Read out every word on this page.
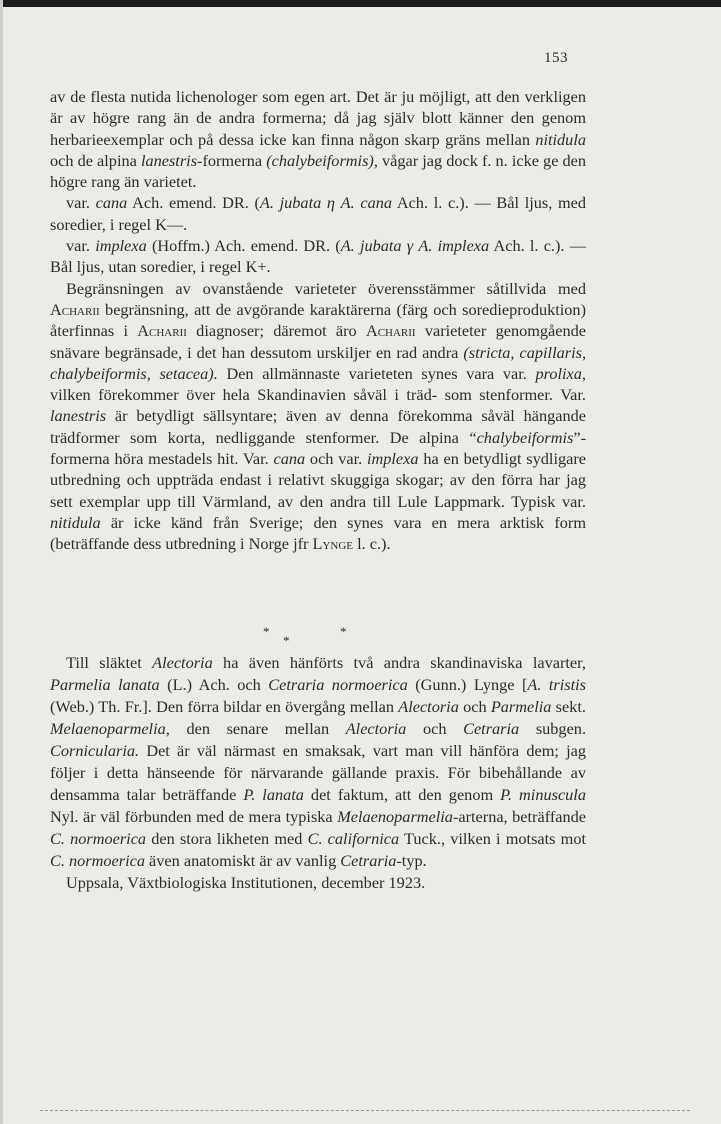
153

av de flesta nutida lichenologer som egen art. Det är ju möjligt, att den verkligen är av högre rang än de andra formerna; då jag själv blott känner den genom herbarieexemplar och på dessa icke kan finna någon skarp gräns mellan nitidula och de alpina lanestris-formerna (chalybeiformis), vågar jag dock f. n. icke ge den högre rang än varietet.

var. cana Ach. emend. DR. (A. jubata η A. cana Ach. l. c.). — Bål ljus, med soredier, i regel K—.

var. implexa (Hoffm.) Ach. emend. DR. (A. jubata γ A. implexa Ach. l. c.). — Bål ljus, utan soredier, i regel K+.

Begränsningen av ovanstående varieteter överensstämmer såtillvida med Acharii begränsning, att de avgörande karaktärerna (färg och soredieproduktion) återfinnas i Acharii diagnoser; däremot äro Acharii varieteter genomgående snävare begränsade, i det han dessutom urskiljer en rad andra (stricta, capillaris, chalybeiformis, setacea). Den allmännaste varieteten synes vara var. prolixa, vilken förekommer över hela Skandinavien såväl i träd- som stenformer. Var. lanestris är betydligt sällsyntare; även av denna förekomma såväl hängande trädformer som korta, nedliggande stenformer. De alpina “chalybeiformis”-formerna höra mestadels hit. Var. cana och var. implexa ha en betydligt sydligare utbredning och uppträda endast i relativt skuggiga skogar; av den förra har jag sett exemplar upp till Värmland, av den andra till Lule Lappmark. Typisk var. nitidula är icke känd från Sverige; den synes vara en mera arktisk form (beträffande dess utbredning i Norge jfr Lynge l. c.).

*	*
*

Till släktet Alectoria ha även hänförts två andra skandinaviska lavarter, Parmelia lanata (L.) Ach. och Cetraria normoerica (Gunn.) Lynge [A. tristis (Web.) Th. Fr.]. Den förra bildar en övergång mellan Alectoria och Parmelia sekt. Melaenoparmelia, den senare mellan Alectoria och Cetraria subgen. Cornicularia. Det är väl närmast en smaksak, vart man vill hänföra dem; jag följer i detta hänseende för närvarande gällande praxis. För bibehållande av densamma talar beträffande P. lanata det faktum, att den genom P. minuscula Nyl. är väl förbunden med de mera typiska Melaenoparmelia-arterna, beträffande C. normoerica den stora likheten med C. californica Tuck., vilken i motsats mot C. normoerica även anatomiskt är av vanlig Cetraria-typ.

Uppsala, Växtbiologiska Institutionen, december 1923.
